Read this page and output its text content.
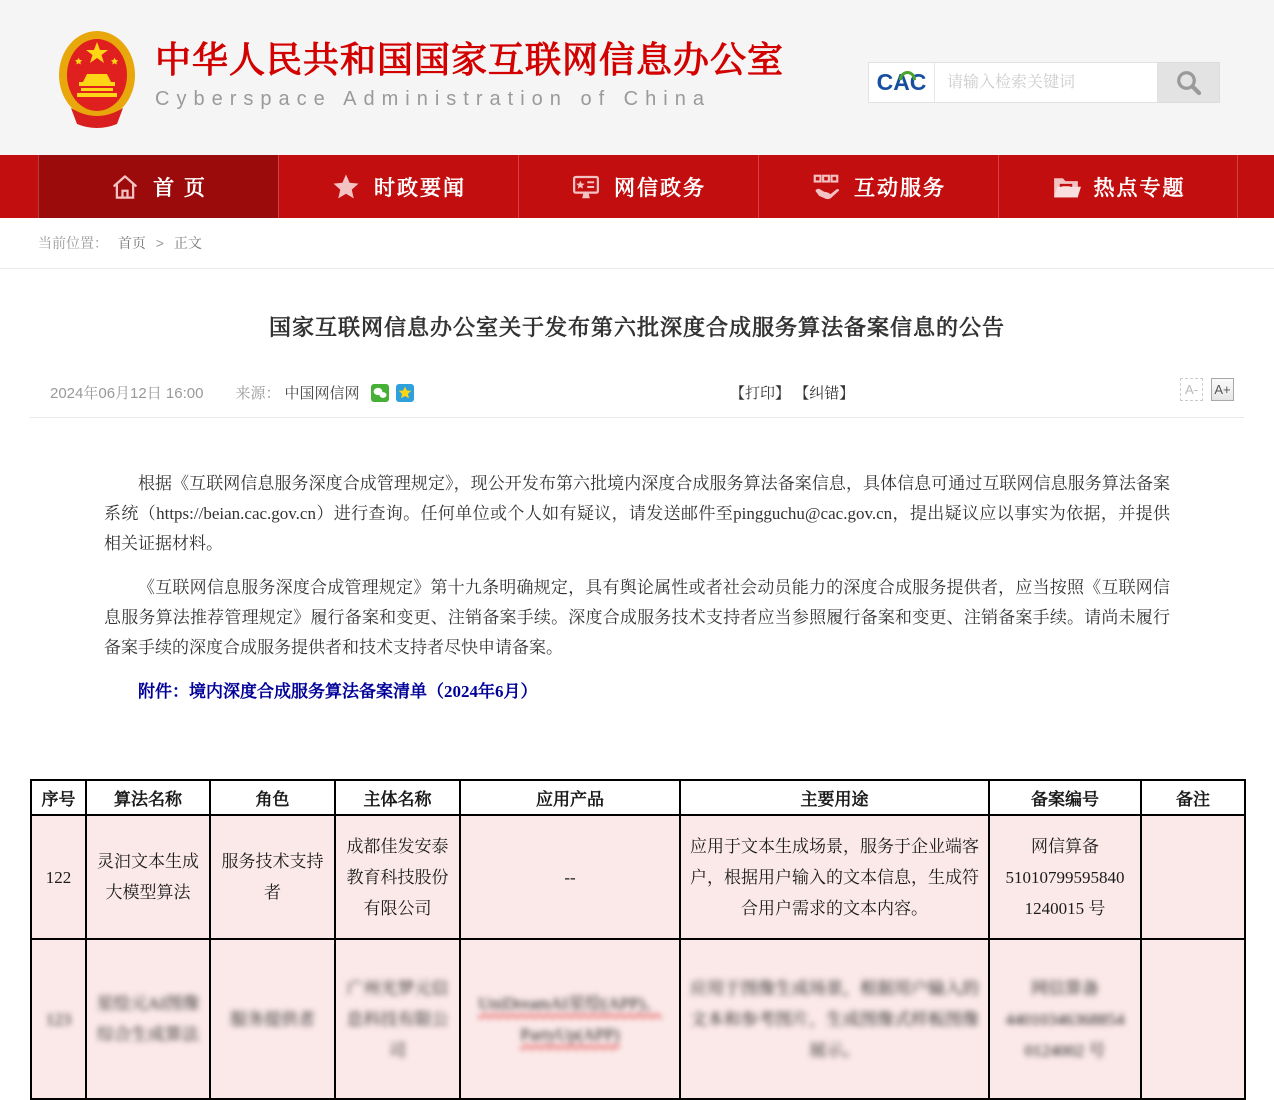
中华人民共和国国家互联网信息办公室
Cyberspace Administration of China
CAC
请输入检索关键词
首 页	时政要闻	网信政务	互动服务	热点专题
当前位置： 首页 > 正文
国家互联网信息办公室关于发布第六批深度合成服务算法备案信息的公告
2024年06月12日 16:00 来源： 中国网信网	【打印】 【纠错】	A-	A+

根据《互联网信息服务深度合成管理规定》，现公开发布第六批境内深度合成服务算法备案信息，具体信息可通过互联网信息服务算法备案系统（https://beian.cac.gov.cn）进行查询。任何单位或个人如有疑议，请发送邮件至pingguchu@cac.gov.cn，提出疑议应以事实为依据，并提供相关证据材料。

《互联网信息服务深度合成管理规定》第十九条明确规定，具有舆论属性或者社会动员能力的深度合成服务提供者，应当按照《互联网信息服务算法推荐管理规定》履行备案和变更、注销备案手续。深度合成服务技术支持者应当参照履行备案和变更、注销备案手续。请尚未履行备案手续的深度合成服务提供者和技术支持者尽快申请备案。

附件：境内深度合成服务算法备案清单（2024年6月）

序号	算法名称	角色	主体名称	应用产品	主要用途	备案编号	备注
122	灵汩文本生成大模型算法	服务技术支持者	成都佳发安泰教育科技股份有限公司	--	应用于文本生成场景，服务于企业端客户，根据用户输入的文本信息，生成符合用户需求的文本内容。	网信算备 51010799595840 1240015 号	

123	星绘元AI图像综合生成算法	服务提供者	广州光梦元信息科技有限公司	UniDreamAI星绘(APP)、PartyUp(APP)	应用于图像生成场景，根据用户输入的文本和参考图片，生成图像式样板图像展示。	网信算备 44010346368854 0124002 号	
